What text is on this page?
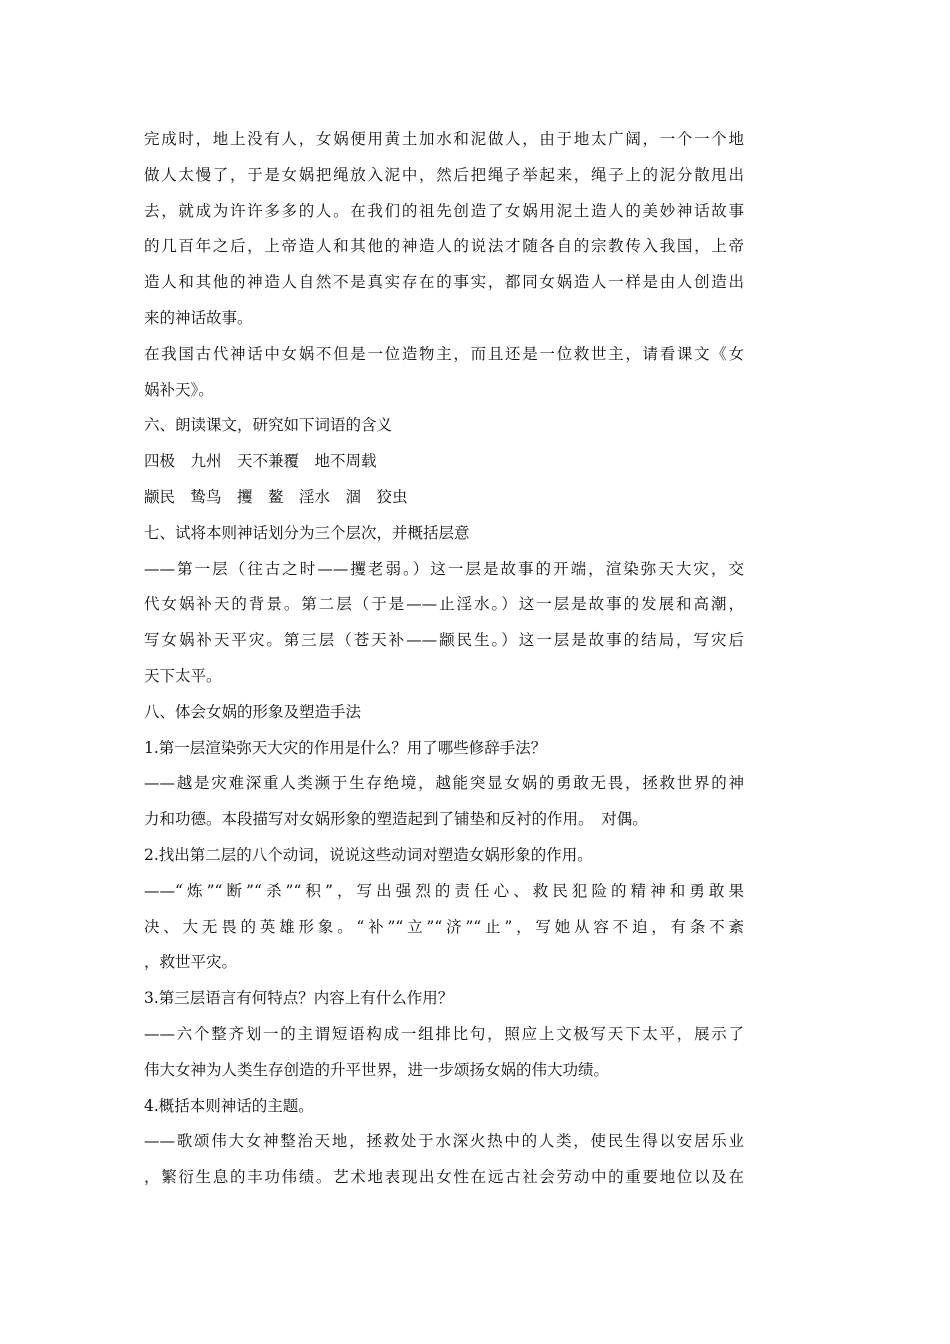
完成时，地上没有人，女娲便用黄土加水和泥做人，由于地太广阔，一个一个地
做人太慢了，于是女娲把绳放入泥中，然后把绳子举起来，绳子上的泥分散甩出
去，就成为许许多多的人。在我们的祖先创造了女娲用泥土造人的美妙神话故事
的几百年之后，上帝造人和其他的神造人的说法才随各自的宗教传入我国，上帝
造人和其他的神造人自然不是真实存在的事实，都同女娲造人一样是由人创造出
来的神话故事。
在我国古代神话中女娲不但是一位造物主，而且还是一位救世主，请看课文《女
娲补天》。
六、朗读课文，研究如下词语的含义
四极　九州　天不兼覆　地不周载
颛民　鸷鸟　攫　鳌　淫水　涸　狡虫
七、试将本则神话划分为三个层次，并概括层意
——第一层（往古之时——攫老弱。）这一层是故事的开端，渲染弥天大灾，交
代女娲补天的背景。第二层（于是——止淫水。）这一层是故事的发展和高潮，
写女娲补天平灾。第三层（苍天补——颛民生。）这一层是故事的结局，写灾后
天下太平。
八、体会女娲的形象及塑造手法
1.第一层渲染弥天大灾的作用是什么？用了哪些修辞手法？
——越是灾难深重人类濒于生存绝境，越能突显女娲的勇敢无畏，拯救世界的神
力和功德。本段描写对女娲形象的塑造起到了铺垫和反衬的作用。　对偶。
2.找出第二层的八个动词，说说这些动词对塑造女娲形象的作用。
——“炼”“断”“杀”“积”，写出强烈的责任心、救民犯险的精神和勇敢果
决、大无畏的英雄形象。“补”“立”“济”“止”，写她从容不迫，有条不紊
，救世平灾。
3.第三层语言有何特点？内容上有什么作用？
——六个整齐划一的主谓短语构成一组排比句，照应上文极写天下太平，展示了
伟大女神为人类生存创造的升平世界，进一步颂扬女娲的伟大功绩。
4.概括本则神话的主题。
——歌颂伟大女神整治天地，拯救处于水深火热中的人类，使民生得以安居乐业
，繁衍生息的丰功伟绩。艺术地表现出女性在远古社会劳动中的重要地位以及在
